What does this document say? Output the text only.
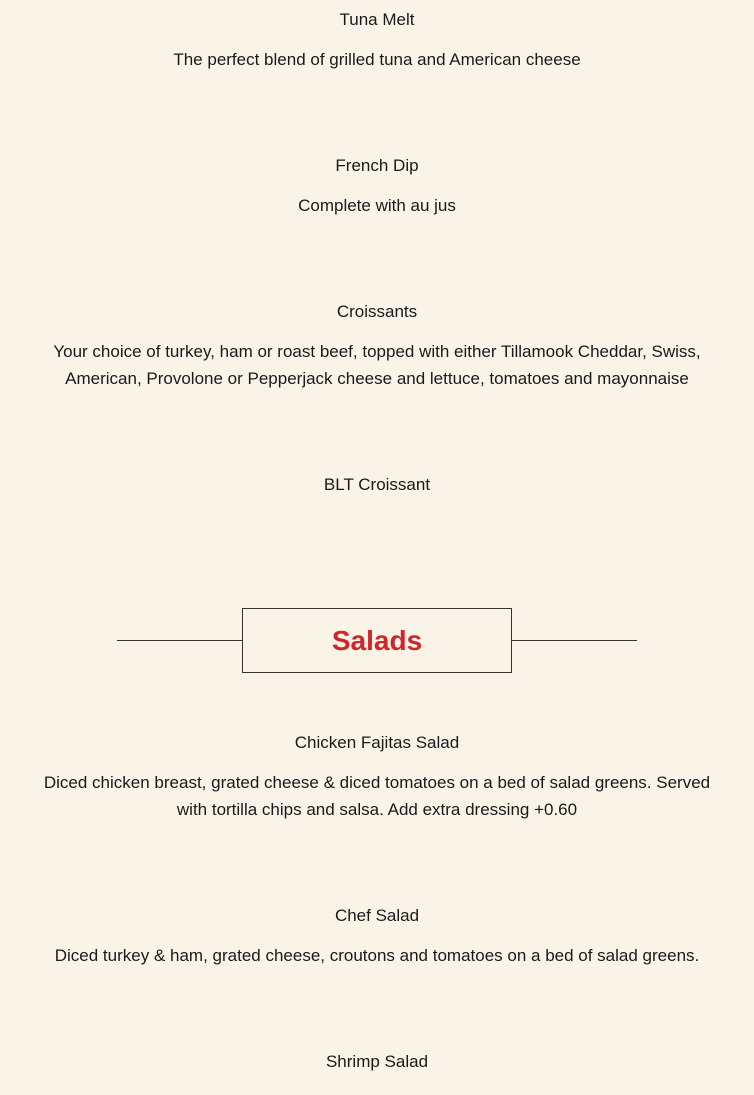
Tuna Melt

The perfect blend of grilled tuna and American cheese

French Dip

Complete with au jus

Croissants

Your choice of turkey, ham or roast beef, topped with either Tillamook Cheddar, Swiss, American, Provolone or Pepperjack cheese and lettuce, tomatoes and mayonnaise

BLT Croissant

Salads

Chicken Fajitas Salad

Diced chicken breast, grated cheese & diced tomatoes on a bed of salad greens. Served with tortilla chips and salsa. Add extra dressing +0.60

Chef Salad

Diced turkey & ham, grated cheese, croutons and tomatoes on a bed of salad greens.

Shrimp Salad
